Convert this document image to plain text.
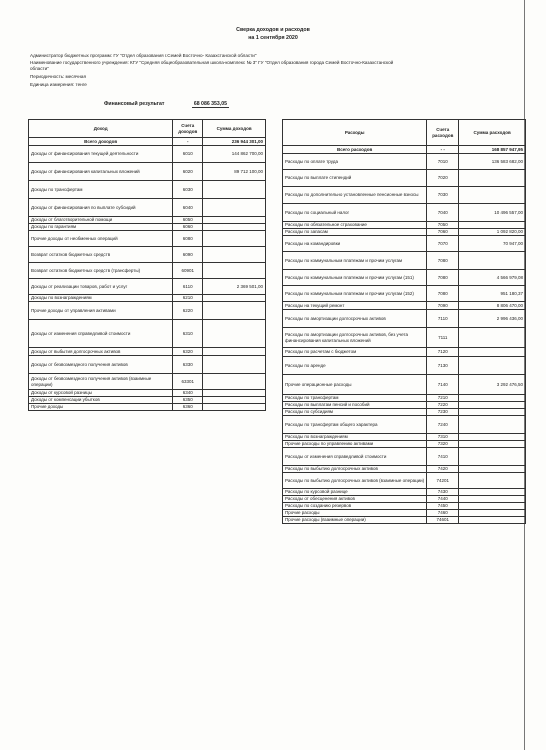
Сверка доходов и расходов
на 1 сентября 2020
Администратор бюджетных программ: ГУ "Отдел образования г.Семей Восточно- Казахстанской области"
Наименование государственного учреждения: КГУ "Средняя общеобразовательная школа-комплекс № 3" ГУ "Отдел образования города Семей Восточно-Казахстанской
области"
Периодичность: месячная
Единица измерения: тенге
Финансовый результат	68 086 353,05
Доход	Счета доходов	Сумма доходов
Всего доходов	-	236 944 301,00
Доходы от финансирования текущей деятельности	6010	144 862 700,00
Доходы от финансирования капитальных вложений	6020	89 712 100,00
Доходы по трансфертам	6030	
Доходы от финансирования по выплате субсидий	6040	
Доходы от благотворительной помощи	6050	
Доходы по гарантиям	6060	
Прочие доходы от необменных операций	6080	
Возврат остатков бюджетных средств	6090	
Возврат остатков бюджетных средств (трансферты)	60901	
Доходы от реализации товаров, работ и услуг	6110	2 369 501,00
Доходы по вознаграждениям	6210	
Прочие доходы от управления активами	6220	
Доходы от изменения справедливой стоимости	6310	
Доходы от выбытия долгосрочных активов	6320	
Доходы от безвозмездного получения активов	6330	
Доходы от безвозмездного получения активов (взаимные операции)	63301	
Доходы от курсовой разницы	6340	
Доходы от компенсации убытков	6350	
Прочие доходы	6360	
Расходы	Счета расходов	Сумма расходов
Всего расходов	- -	168 857 947,95
Расходы по оплате труда	7010	136 583 682,00
Расходы по выплате стипендий	7020	
Расходы по дополнительно установленные пенсионные взносы	7030	
Расходы по социальный налог	7040	10 496 557,00
Расходы по обязательное страхование	7050	
Расходы по запасам	7060	1 092 820,00
Расходы на командировки	7070	70 947,00
Расходы по коммунальным платежам и прочим услугам	7080	
Расходы по коммунальным платежам и прочим услугам (151)	7080	4 566 979,08
Расходы по коммунальным платежам и прочим услугам (152)	7080	951 180,37
Расходы на текущий ремонт	7090	8 806 470,00
Расходы по амортизации долгосрочных активов	7110	2 996 436,00
Расходы по амортизации долгосрочных активов, без учета финансирования капитальных вложений	7111	
Расходы по расчетам с бюджетом	7120	
Расходы по аренде	7130	
Прочие операционные расходы	7140	3 292 476,50
Расходы по трансфертам	7210	
Расходы по выплатам пенсий и пособий	7220	
Расходы по субсидиям	7230	
Расходы по трансфертам общего характера	7240	
Расходы по вознаграждениям	7310	
Прочие расходы по управлению активами	7320	
Расходы от изменения справедливой стоимости	7410	
Расходы по выбытию долгосрочных активов	7420	
Расходы по выбытию долгосрочных активов (взаимные операции)	74201	
Расходы по курсовой разнице	7430	
Расходы от обесценения активов	7440	
Расходы по созданию резервов	7450	
Прочие расходы	7460	
Прочие расходы (взаимные операции)	74601	
